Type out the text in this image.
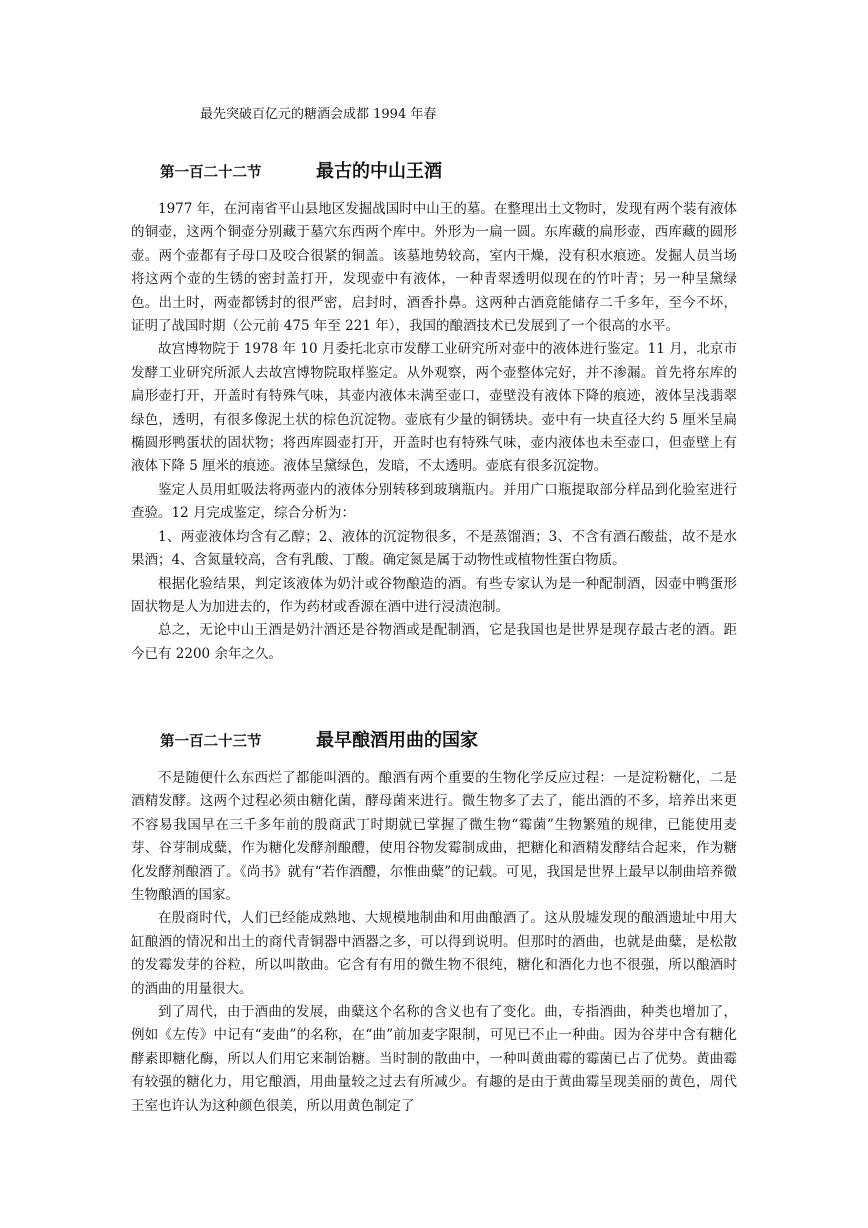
最先突破百亿元的糖酒会成都 1994 年春
第一百二十二节	最古的中山王酒

1977 年，在河南省平山县地区发掘战国时中山王的墓。在整理出土文物时，发现有两个装有液体的铜壶，这两个铜壶分别藏于墓穴东西两个库中。外形为一扁一圆。东库藏的扁形壶，西库藏的圆形壶。两个壶都有子母口及咬合很紧的铜盖。该墓地势较高，室内干燥，没有积水痕迹。发掘人员当场将这两个壶的生锈的密封盖打开，发现壶中有液体，一种青翠透明似现在的竹叶青；另一种呈黛绿色。出土时，两壶都锈封的很严密，启封时，酒香扑鼻。这两种古酒竟能储存二千多年，至今不坏，证明了战国时期（公元前 475 年至 221 年），我国的酿酒技术已发展到了一个很高的水平。

故宫博物院于 1978 年 10 月委托北京市发酵工业研究所对壶中的液体进行鉴定。11 月，北京市发酵工业研究所派人去故宫博物院取样鉴定。从外观察，两个壶整体完好，并不渗漏。首先将东库的扁形壶打开，开盖时有特殊气味，其壶内液体未满至壶口，壶壁没有液体下降的痕迹，液体呈浅翡翠绿色，透明，有很多像泥土状的棕色沉淀物。壶底有少量的铜锈块。壶中有一块直径大约 5 厘米呈扁椭圆形鸭蛋状的固状物；将西库圆壶打开，开盖时也有特殊气味，壶内液体也未至壶口，但壶壁上有液体下降 5 厘米的痕迹。液体呈黛绿色，发暗，不太透明。壶底有很多沉淀物。

鉴定人员用虹吸法将两壶内的液体分别转移到玻璃瓶内。并用广口瓶提取部分样品到化验室进行查验。12 月完成鉴定，综合分析为：

1、两壶液体均含有乙醇；2、液体的沉淀物很多，不是蒸馏酒；3、不含有酒石酸盐，故不是水果酒；4、含氮量较高，含有乳酸、丁酸。确定氮是属于动物性或植物性蛋白物质。

根据化验结果，判定该液体为奶汁或谷物酿造的酒。有些专家认为是一种配制酒，因壶中鸭蛋形固状物是人为加进去的，作为药材或香源在酒中进行浸渍泡制。

总之，无论中山王酒是奶汁酒还是谷物酒或是配制酒，它是我国也是世界是现存最古老的酒。距今已有 2200 余年之久。

第一百二十三节	最早酿酒用曲的国家

不是随便什么东西烂了都能叫酒的。酿酒有两个重要的生物化学反应过程：一是淀粉糖化，二是酒精发酵。这两个过程必须由糖化菌，酵母菌来进行。微生物多了去了，能出酒的不多，培养出来更不容易我国早在三千多年前的殷商武丁时期就已掌握了微生物“霉菌”生物繁殖的规律，已能使用麦芽、谷芽制成糵，作为糖化发酵剂酿醴，使用谷物发霉制成曲，把糖化和酒精发酵结合起来，作为糖化发酵剂酿酒了。《尚书》就有“若作酒醴，尔惟曲糵”的记载。可见，我国是世界上最早以制曲培养微生物酿酒的国家。

在殷商时代，人们已经能成熟地、大规模地制曲和用曲酿酒了。这从殷墟发现的酿酒遗址中用大缸酿酒的情况和出土的商代青铜器中酒器之多，可以得到说明。但那时的酒曲，也就是曲糵，是松散的发霉发芽的谷粒，所以叫散曲。它含有有用的微生物不很纯，糖化和酒化力也不很强，所以酿酒时的酒曲的用量很大。

到了周代，由于酒曲的发展，曲糵这个名称的含义也有了变化。曲，专指酒曲，种类也增加了，例如《左传》中记有“麦曲”的名称，在“曲”前加麦字限制，可见已不止一种曲。因为谷芽中含有糖化酵素即糖化酶，所以人们用它来制饴糖。当时制的散曲中，一种叫黄曲霉的霉菌已占了优势。黄曲霉有较强的糖化力，用它酿酒，用曲量较之过去有所减少。有趣的是由于黄曲霉呈现美丽的黄色，周代王室也许认为这种颜色很美，所以用黄色制定了
